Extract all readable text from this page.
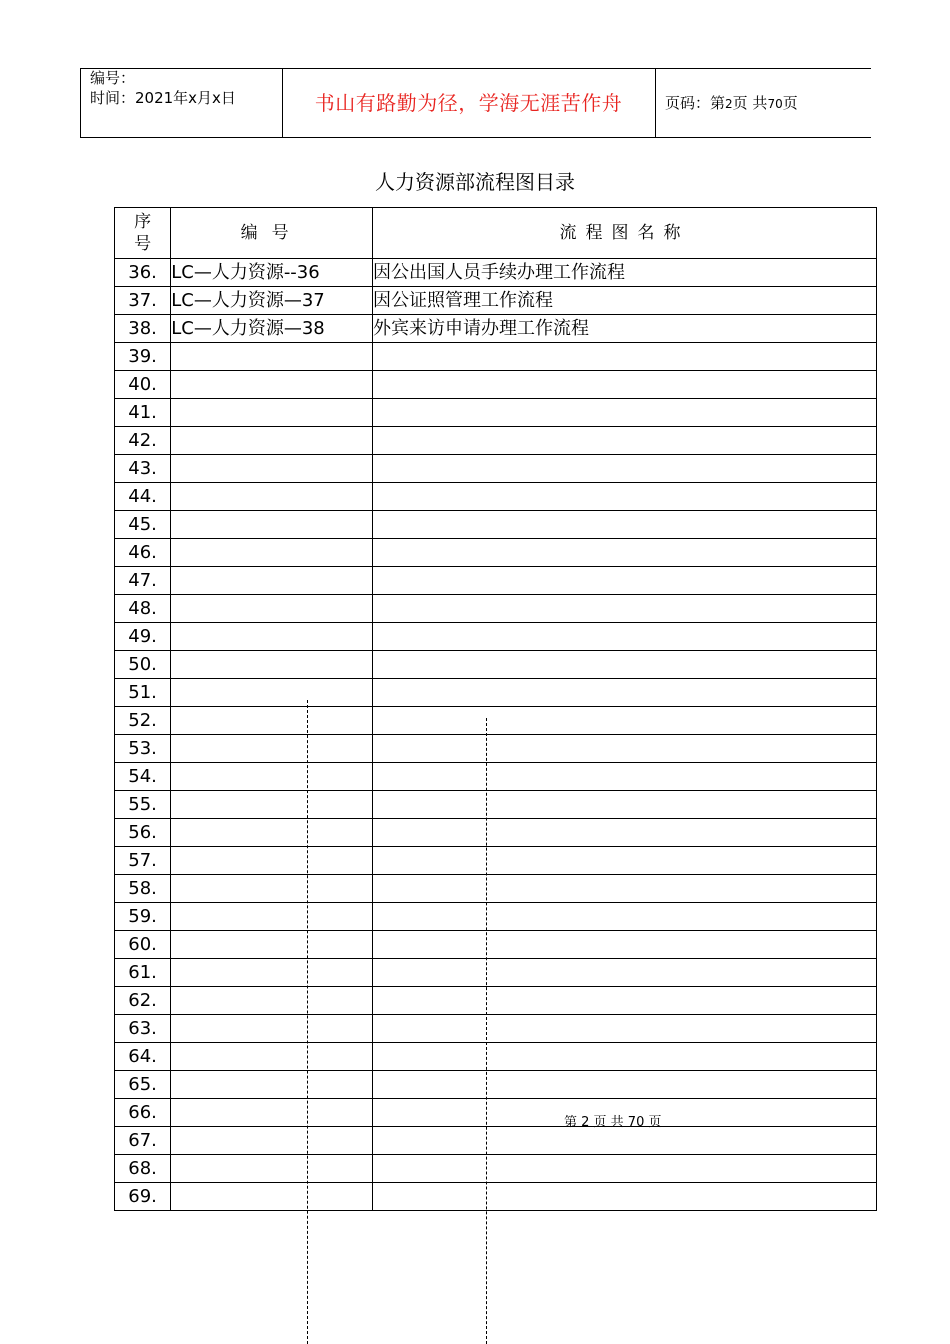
编号：
时间：2021年x月x日	书山有路勤为径，学海无涯苦作舟	页码：第2页 共70页
人力资源部流程图目录
序
号	编号	流程图名称
36.	LC—人力资源--36	因公出国人员手续办理工作流程
37.	LC—人力资源—37	因公证照管理工作流程
38.	LC—人力资源—38	外宾来访申请办理工作流程
39.		
40.		
41.		
42.		
43.		
44.		
45.		
46.		
47.		
48.		
49.		
50.		
51.		
52.		
53.		
54.		
55.		
56.		
57.		
58.		
59.		
60.		
61.		
62.		
63.		
64.		
65.		
66.		
67.		
68.		
69.		
第 2 页 共 70 页
